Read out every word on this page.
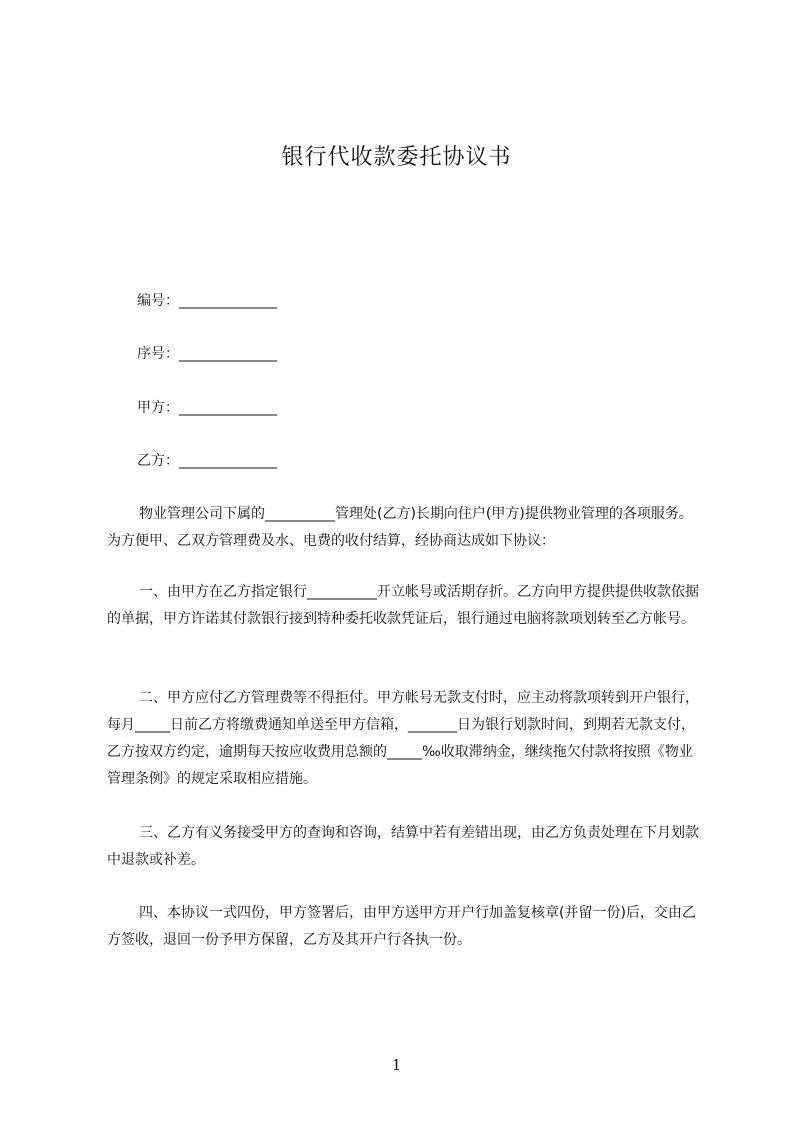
银行代收款委托协议书
编号：______________
序号：______________
甲方：______________
乙方：______________

物业管理公司下属的__________管理处(乙方)长期向住户(甲方)提供物业管理的各项服务。为方便甲、乙双方管理费及水、电费的收付结算，经协商达成如下协议：

一、由甲方在乙方指定银行__________开立帐号或活期存折。乙方向甲方提供提供收款依据的单据，甲方许诺其付款银行接到特种委托收款凭证后，银行通过电脑将款项划转至乙方帐号。

二、甲方应付乙方管理费等不得拒付。甲方帐号无款支付时，应主动将款项转到开户银行，每月_____日前乙方将缴费通知单送至甲方信箱，_______日为银行划款时间，到期若无款支付，乙方按双方约定，逾期每天按应收费用总额的_____‰收取滞纳金，继续拖欠付款将按照《物业管理条例》的规定采取相应措施。

三、乙方有义务接受甲方的查询和咨询，结算中若有差错出现，由乙方负责处理在下月划款中退款或补差。

四、本协议一式四份，甲方签署后，由甲方送甲方开户行加盖复核章(并留一份)后，交由乙方签收，退回一份予甲方保留，乙方及其开户行各执一份。

1
